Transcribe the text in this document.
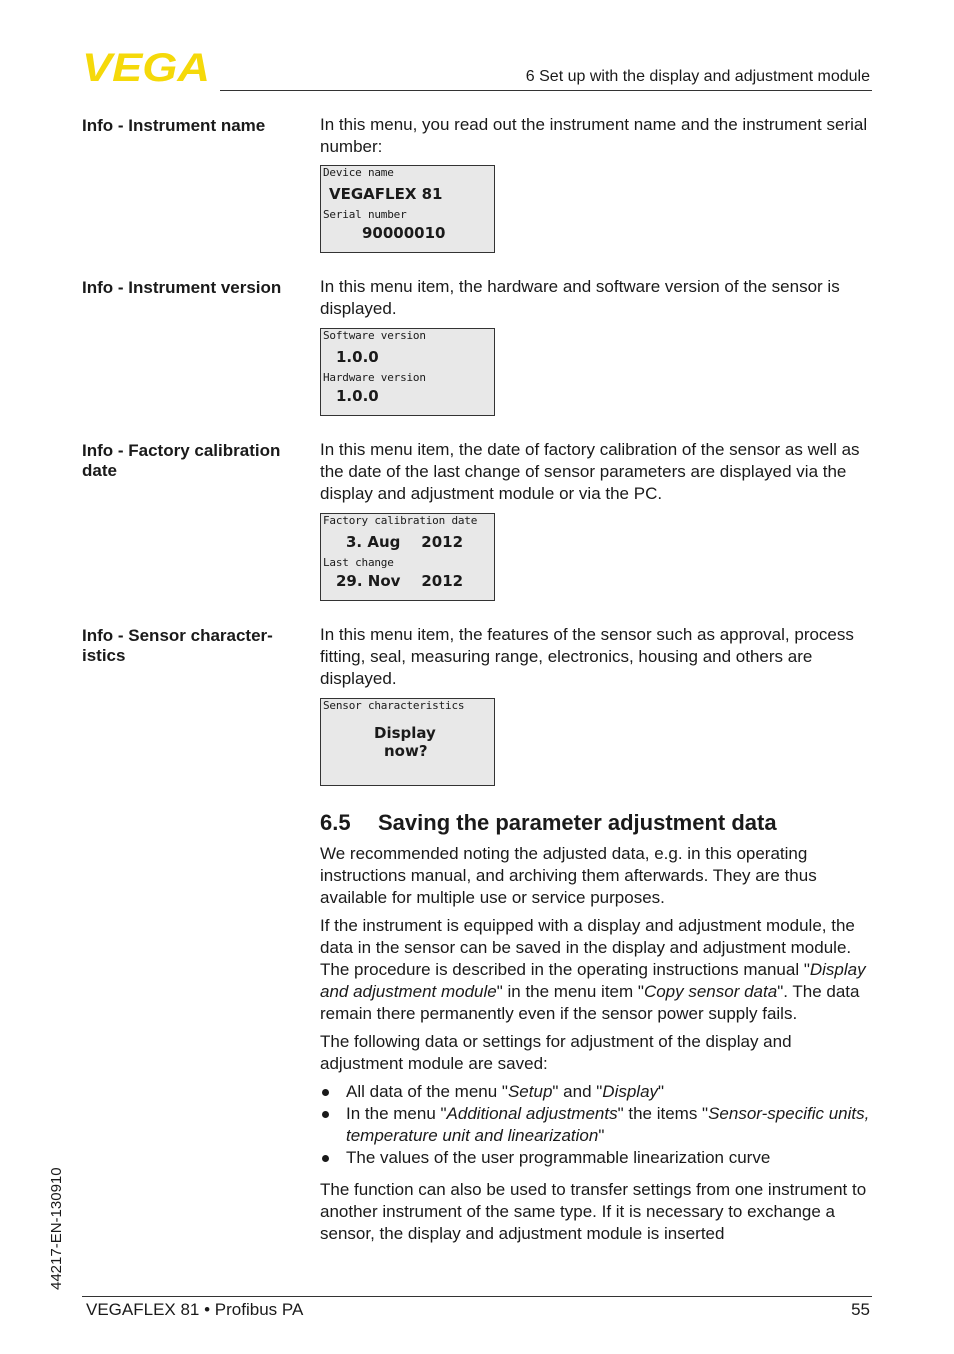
VEGA	6 Set up with the display and adjustment module
Info - Instrument name	In this menu, you read out the instrument name and the instrument serial number:

Device name
VEGAFLEX 81
Serial number
90000010
Info - Instrument version	In this menu item, the hardware and software version of the sensor is displayed.

Software version
1.0.0
Hardware version
1.0.0
Info - Factory calibration
date

In this menu item, the date of factory calibration of the sensor as well as the date of the last change of sensor parameters are displayed via the display and adjustment module or via the PC.

Factory calibration date
3. Aug    2012
Last change
29. Nov    2012
Info - Sensor character-
istics

In this menu item, the features of the sensor such as approval, process fitting, seal, measuring range, electronics, housing and others are displayed.

Sensor characteristics
Display
now?
6.5 Saving the parameter adjustment data

We recommended noting the adjusted data, e.g. in this operating instructions manual, and archiving them afterwards. They are thus available for multiple use or service purposes.

If the instrument is equipped with a display and adjustment module, the data in the sensor can be saved in the display and adjustment module. The procedure is described in the operating instructions manual "Display and adjustment module" in the menu item "Copy sensor data". The data remain there permanently even if the sensor power supply fails.

The following data or settings for adjustment of the display and adjustment module are saved:

All data of the menu "Setup" and "Display"
In the menu "Additional adjustments" the items "Sensor-specific units, temperature unit and linearization"
The values of the user programmable linearization curve

The function can also be used to transfer settings from one instrument to another instrument of the same type. If it is necessary to exchange a sensor, the display and adjustment module is inserted

44217-EN-130910
VEGAFLEX 81 • Profibus PA	55
